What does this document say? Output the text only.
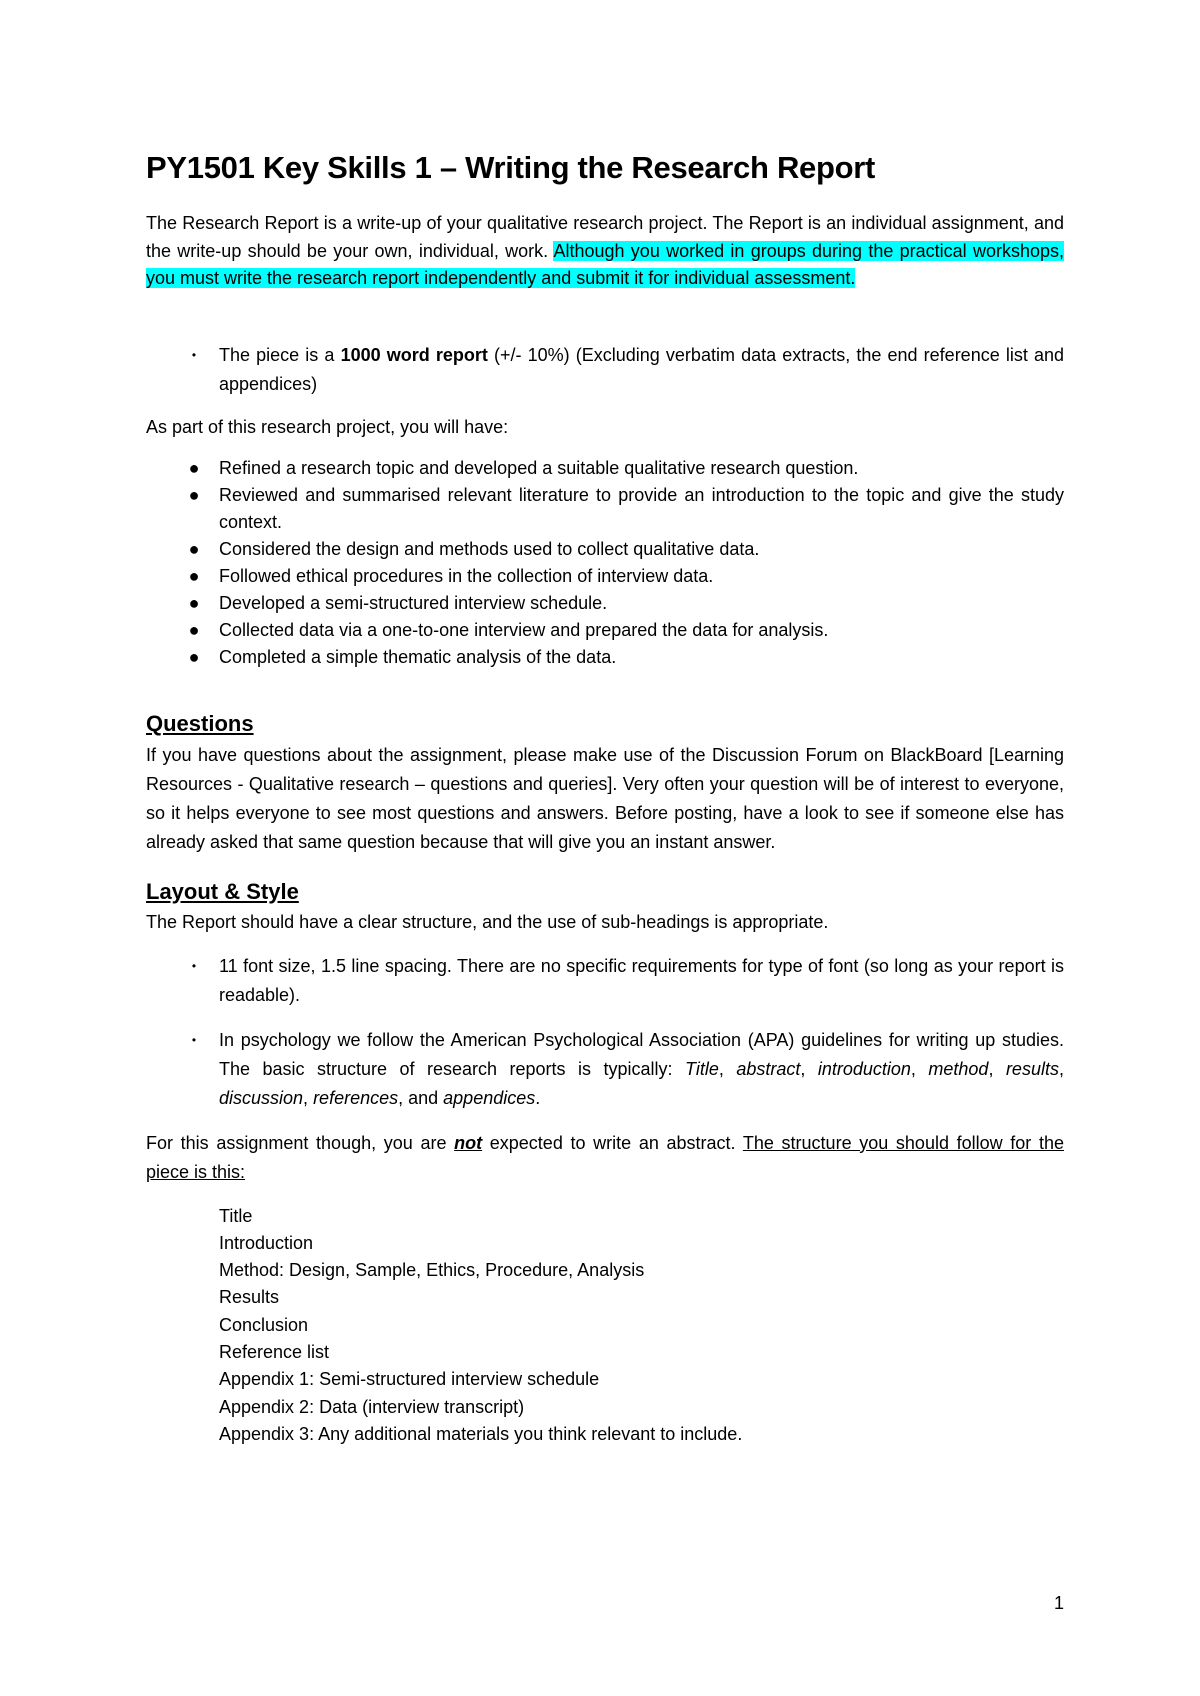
PY1501 Key Skills 1 – Writing the Research Report

The Research Report is a write-up of your qualitative research project. The Report is an individual assignment, and the write-up should be your own, individual, work. Although you worked in groups during the practical workshops, you must write the research report independently and submit it for individual assessment.

•	The piece is a 1000 word report (+/- 10%) (Excluding verbatim data extracts, the end reference list and appendices)

As part of this research project, you will have:

● Refined a research topic and developed a suitable qualitative research question.
● Reviewed and summarised relevant literature to provide an introduction to the topic and give the study context.
● Considered the design and methods used to collect qualitative data.
● Followed ethical procedures in the collection of interview data.
● Developed a semi-structured interview schedule.
● Collected data via a one-to-one interview and prepared the data for analysis.
● Completed a simple thematic analysis of the data.
Questions

If you have questions about the assignment, please make use of the Discussion Forum on BlackBoard [Learning Resources - Qualitative research – questions and queries]. Very often your question will be of interest to everyone, so it helps everyone to see most questions and answers. Before posting, have a look to see if someone else has already asked that same question because that will give you an instant answer.

Layout & Style

The Report should have a clear structure, and the use of sub-headings is appropriate.

•	11 font size, 1.5 line spacing. There are no specific requirements for type of font (so long as your report is readable).
•	In psychology we follow the American Psychological Association (APA) guidelines for writing up studies. The basic structure of research reports is typically: Title, abstract, introduction, method, results, discussion, references, and appendices.

For this assignment though, you are not expected to write an abstract. The structure you should follow for the piece is this:

Title
Introduction
Method: Design, Sample, Ethics, Procedure, Analysis
Results
Conclusion
Reference list
Appendix 1: Semi-structured interview schedule
Appendix 2: Data (interview transcript)
Appendix 3: Any additional materials you think relevant to include.
1
